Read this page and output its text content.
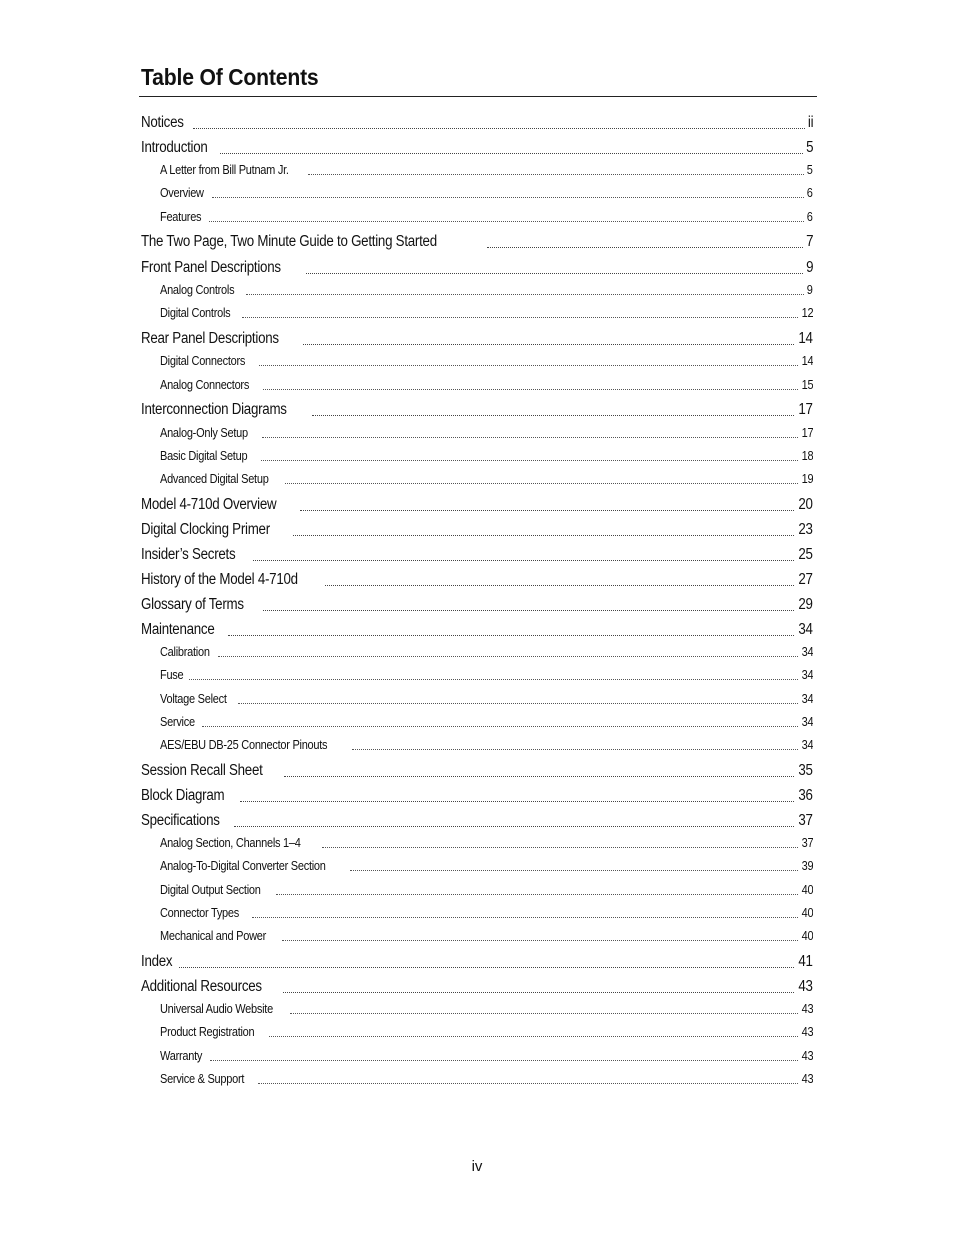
Table Of Contents
Notices	ii
Introduction	5
A Letter from Bill Putnam Jr.	5
Overview	6
Features	6
The Two Page, Two Minute Guide to Getting Started	7
Front Panel Descriptions	9
Analog Controls	9
Digital Controls	12
Rear Panel Descriptions	14
Digital Connectors	14
Analog Connectors	15
Interconnection Diagrams	17
Analog-Only Setup	17
Basic Digital Setup	18
Advanced Digital Setup	19
Model 4-710d Overview	20
Digital Clocking Primer	23
Insider’s Secrets	25
History of the Model 4-710d	27
Glossary of Terms	29
Maintenance	34
Calibration	34
Fuse	34
Voltage Select	34
Service	34
AES/EBU DB-25 Connector Pinouts	34
Session Recall Sheet	35
Block Diagram	36
Specifications	37
Analog Section, Channels 1–4	37
Analog-To-Digital Converter Section	39
Digital Output Section	40
Connector Types	40
Mechanical and Power	40
Index	41
Additional Resources	43
Universal Audio Website	43
Product Registration	43
Warranty	43
Service & Support	43
iv
